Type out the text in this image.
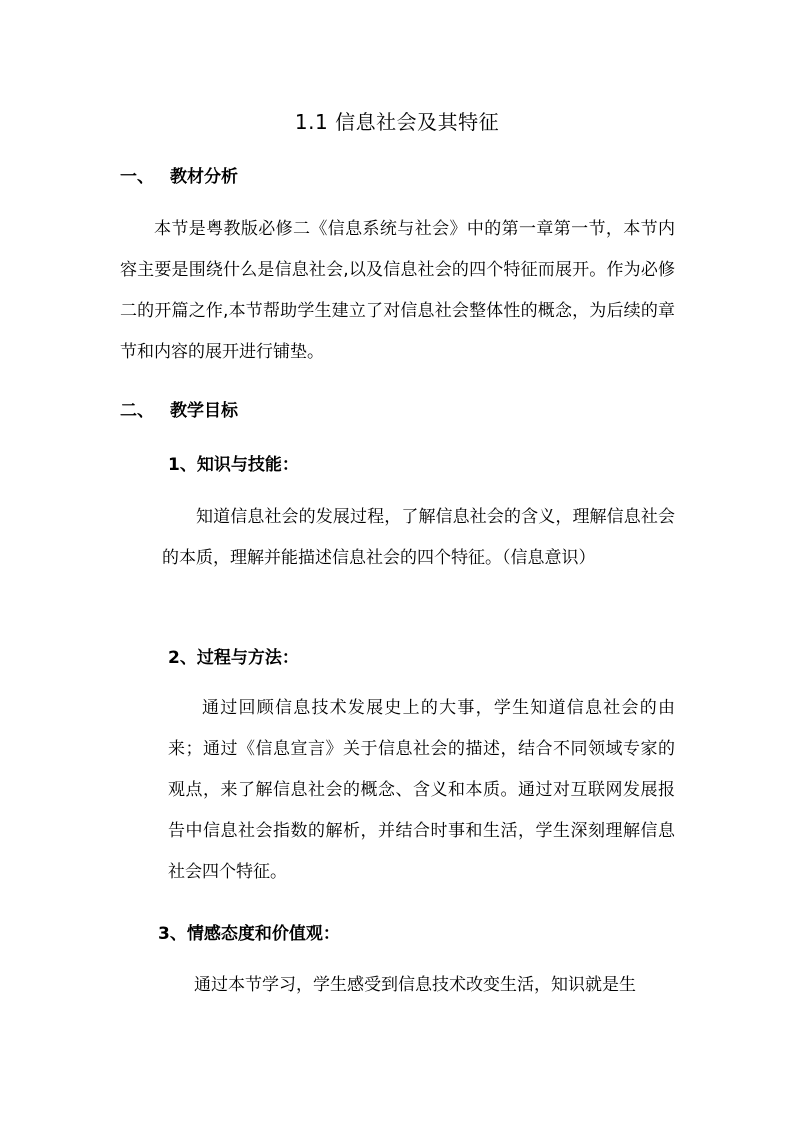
1.1 信息社会及其特征
一、 教材分析

本节是粤教版必修二《信息系统与社会》中的第一章第一节，本节内容主要是围绕什么是信息社会,以及信息社会的四个特征而展开。作为必修二的开篇之作,本节帮助学生建立了对信息社会整体性的概念，为后续的章节和内容的展开进行铺垫。

二、 教学目标
1、知识与技能：

知道信息社会的发展过程，了解信息社会的含义，理解信息社会的本质，理解并能描述信息社会的四个特征。（信息意识）

2、过程与方法：

通过回顾信息技术发展史上的大事，学生知道信息社会的由来；通过《信息宣言》关于信息社会的描述，结合不同领域专家的观点，来了解信息社会的概念、含义和本质。通过对互联网发展报告中信息社会指数的解析，并结合时事和生活，学生深刻理解信息社会四个特征。

3、情感态度和价值观：

通过本节学习，学生感受到信息技术改变生活，知识就是生
